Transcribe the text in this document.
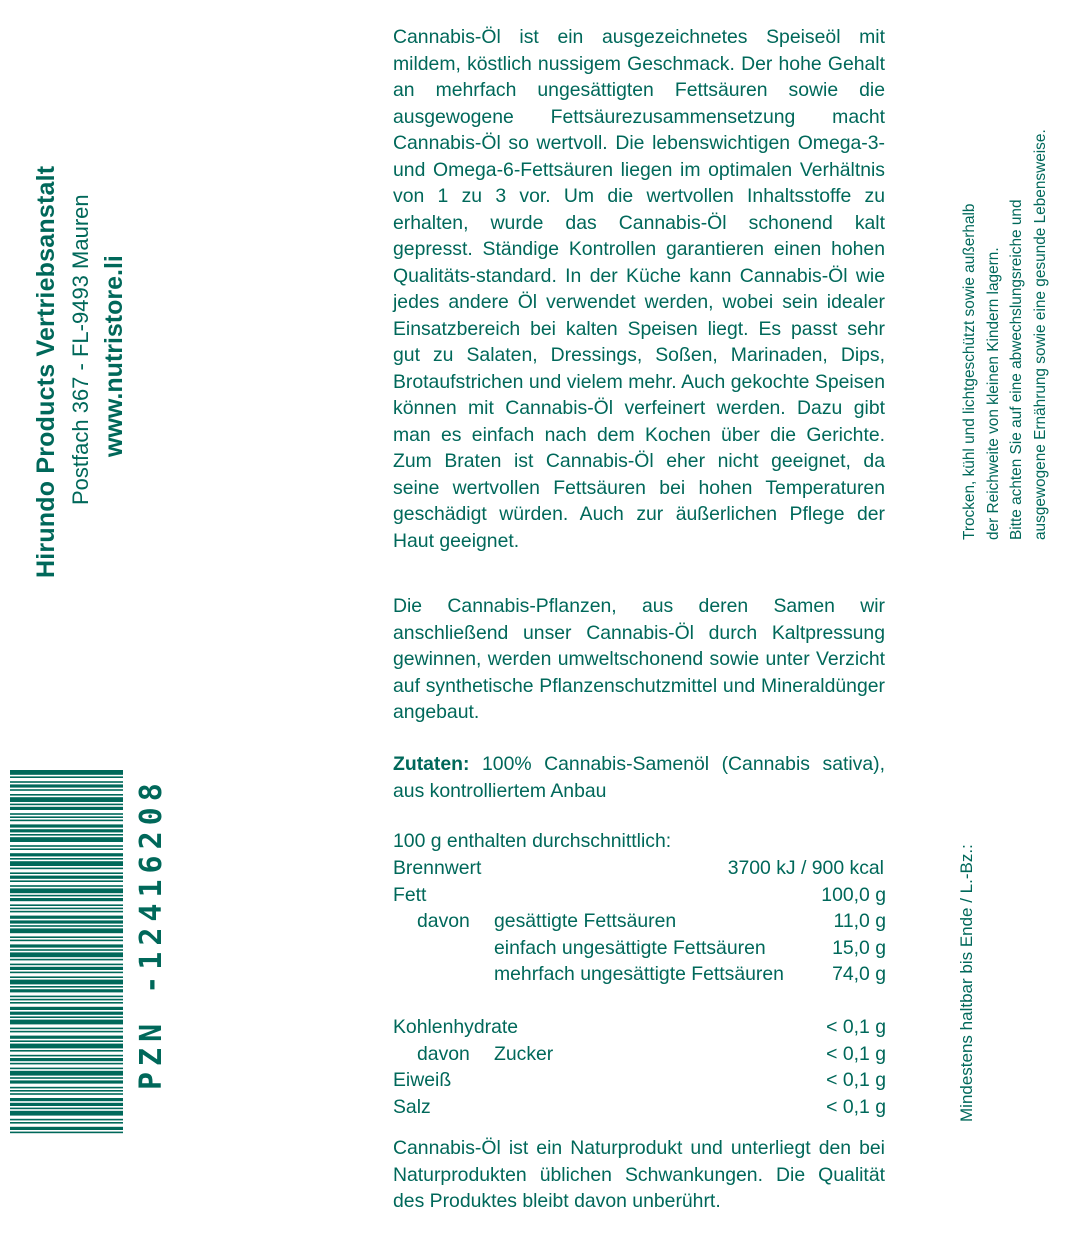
Hirundo Products Vertriebsanstalt Postfach 367 - FL-9493 Mauren www.nutristore.li
PZN -12416208
Cannabis-Öl ist ein ausgezeichnetes Speiseöl mit mildem, köstlich nussigem Geschmack. Der hohe Gehalt an mehrfach ungesättigten Fettsäuren sowie die ausgewogene Fettsäurezusammensetzung macht Cannabis-Öl so wertvoll. Die lebenswichtigen Omega-3- und Omega-6-Fettsäuren liegen im optimalen Verhältnis von 1 zu 3 vor. Um die wertvollen Inhaltsstoffe zu erhalten, wurde das Cannabis-Öl schonend kalt gepresst. Ständige Kontrollen garantieren einen hohen Qualitäts-standard. In der Küche kann Cannabis-Öl wie jedes andere Öl verwendet werden, wobei sein idealer Einsatzbereich bei kalten Speisen liegt. Es passt sehr gut zu Salaten, Dressings, Soßen, Marinaden, Dips, Brotaufstrichen und vielem mehr. Auch gekochte Speisen können mit Cannabis-Öl verfeinert werden. Dazu gibt man es einfach nach dem Kochen über die Gerichte. Zum Braten ist Cannabis-Öl eher nicht geeignet, da seine wertvollen Fettsäuren bei hohen Temperaturen geschädigt würden. Auch zur äußerlichen Pflege der Haut geeignet.
Die Cannabis-Pflanzen, aus deren Samen wir anschließend unser Cannabis-Öl durch Kaltpressung gewinnen, werden umweltschonend sowie unter Verzicht auf synthetische Pflanzenschutzmittel und Mineraldünger angebaut.
Zutaten: 100% Cannabis-Samenöl (Cannabis sativa), aus kontrolliertem Anbau
100 g enthalten durchschnittlich:
Brennwert	3700 kJ / 900 kcal
Fett	100,0 g
davon gesättigte Fettsäuren	11,0 g
einfach ungesättigte Fettsäuren	15,0 g
mehrfach ungesättigte Fettsäuren 74,0 g
Kohlenhydrate	< 0,1 g
davon Zucker	< 0,1 g
Eiweiß	< 0,1 g
Salz	< 0,1 g
Cannabis-Öl ist ein Naturprodukt und unterliegt den bei Naturprodukten üblichen Schwankungen. Die Qualität des Produktes bleibt davon unberührt.
Trocken, kühl und lichtgeschützt sowie außerhalb der Reichweite von kleinen Kindern lagern. Bitte achten Sie auf eine abwechslungsreiche und ausgewogene Ernährung sowie eine gesunde Lebensweise.
Mindestens haltbar bis Ende / L.-Bz.:
